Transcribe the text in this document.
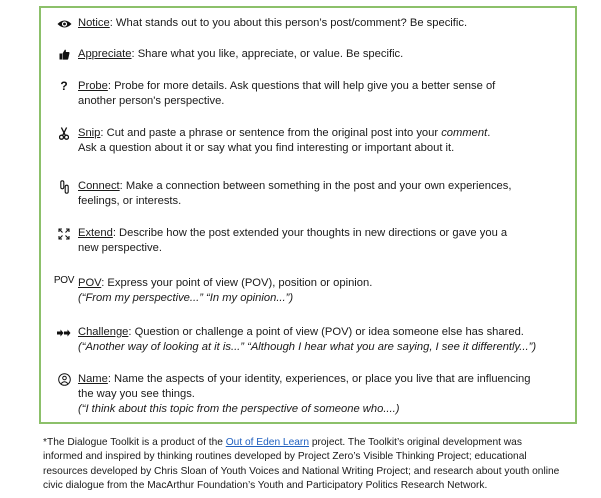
Notice: What stands out to you about this person’s post/comment? Be specific.
Appreciate: Share what you like, appreciate, or value. Be specific.
? Probe: Probe for more details. Ask questions that will help give you a better sense of
another person's perspective.
Snip: Cut and paste a phrase or sentence from the original post into your comment.
Ask a question about it or say what you find interesting or important about it.
Connect: Make a connection between something in the post and your own experiences,
feelings, or interests.
Extend: Describe how the post extended your thoughts in new directions or gave you a
new perspective.
POV POV: Express your point of view (POV), position or opinion.
(“From my perspective...” “In my opinion...”)
Challenge: Question or challenge a point of view (POV) or idea someone else has shared.
(“Another way of looking at it is...” “Although I hear what you are saying, I see it differently...”)
Name: Name the aspects of your identity, experiences, or place you live that are influencing
the way you see things.
(“I think about this topic from the perspective of someone who....)
*The Dialogue Toolkit is a product of the Out of Eden Learn project. The Toolkit’s original development was
informed and inspired by thinking routines developed by Project Zero’s Visible Thinking Project; educational
resources developed by Chris Sloan of Youth Voices and National Writing Project; and research about youth online
civic dialogue from the MacArthur Foundation’s Youth and Participatory Politics Research Network.
